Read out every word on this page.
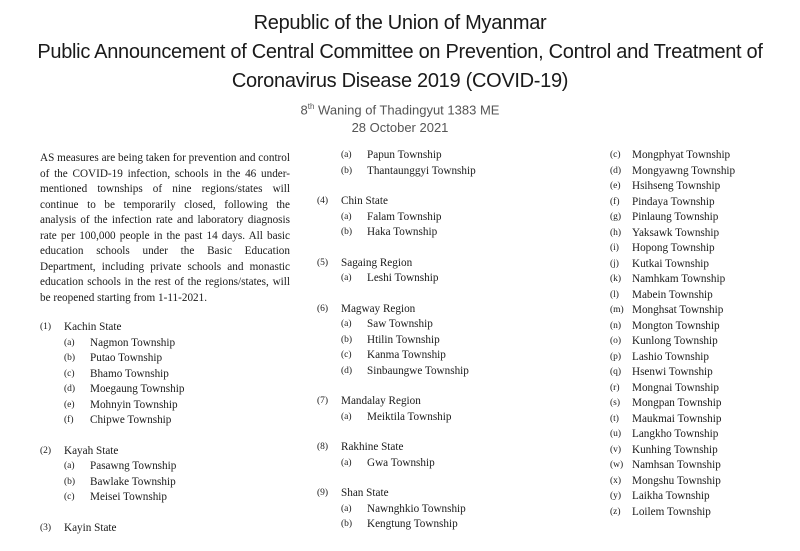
Republic of the Union of Myanmar
Public Announcement of Central Committee on Prevention, Control and Treatment of
Coronavirus Disease 2019 (COVID-19)
8th Waning of Thadingyut 1383 ME
28 October 2021

AS measures are being taken for prevention and control of the COVID-19 infection, schools in the 46 under-mentioned townships of nine regions/states will continue to be temporarily closed, following the analysis of the infection rate and laboratory diagnosis rate per 100,000 people in the past 14 days. All basic education schools under the Basic Education Department, including private schools and monastic education schools in the rest of the regions/states, will be reopened starting from 1-11-2021.

(1)	Kachin State
(a)	Nagmon Township
(b)	Putao Township
(c)	Bhamo Township
(d)	Moegaung Township
(e)	Mohnyin Township
(f)	Chipwe Township
(2)	Kayah State
(a)	Pasawng Township
(b)	Bawlake Township
(c)	Meisei Township
(3)	Kayin State
(a)	Papun Township
(b)	Thantaunggyi Township
(4)	Chin State
(a)	Falam Township
(b)	Haka Township
(5)	Sagaing Region
(a)	Leshi Township
(6)	Magway Region
(a)	Saw Township
(b)	Htilin Township
(c)	Kanma Township
(d)	Sinbaungwe Township
(7)	Mandalay Region
(a)	Meiktila Township
(8)	Rakhine State
(a)	Gwa Township
(9)	Shan State
(a)	Nawnghkio Township
(b)	Kengtung Township
(c)	Mongphyat Township
(d) Mongyawng Township
(e)	Hsihseng Township
(f)	Pindaya Township
(g) Pinlaung Township
(h) Yaksawk Township
(i)	Hopong Township
(j)	Kutkai Township
(k) Namhkam Township
(l)	Mabein Township
(m) Monghsat Township
(n) Mongton Township
(o) Kunlong Township
(p) Lashio Township
(q) Hsenwi Township
(r)	Mongnai Township
(s)	Mongpan Township
(t)	Maukmai Township
(u) Langkho Township
(v) Kunhing Township
(w) Namhsan Township
(x) Mongshu Township
(y) Laikha Township
(z)	Loilem Township
